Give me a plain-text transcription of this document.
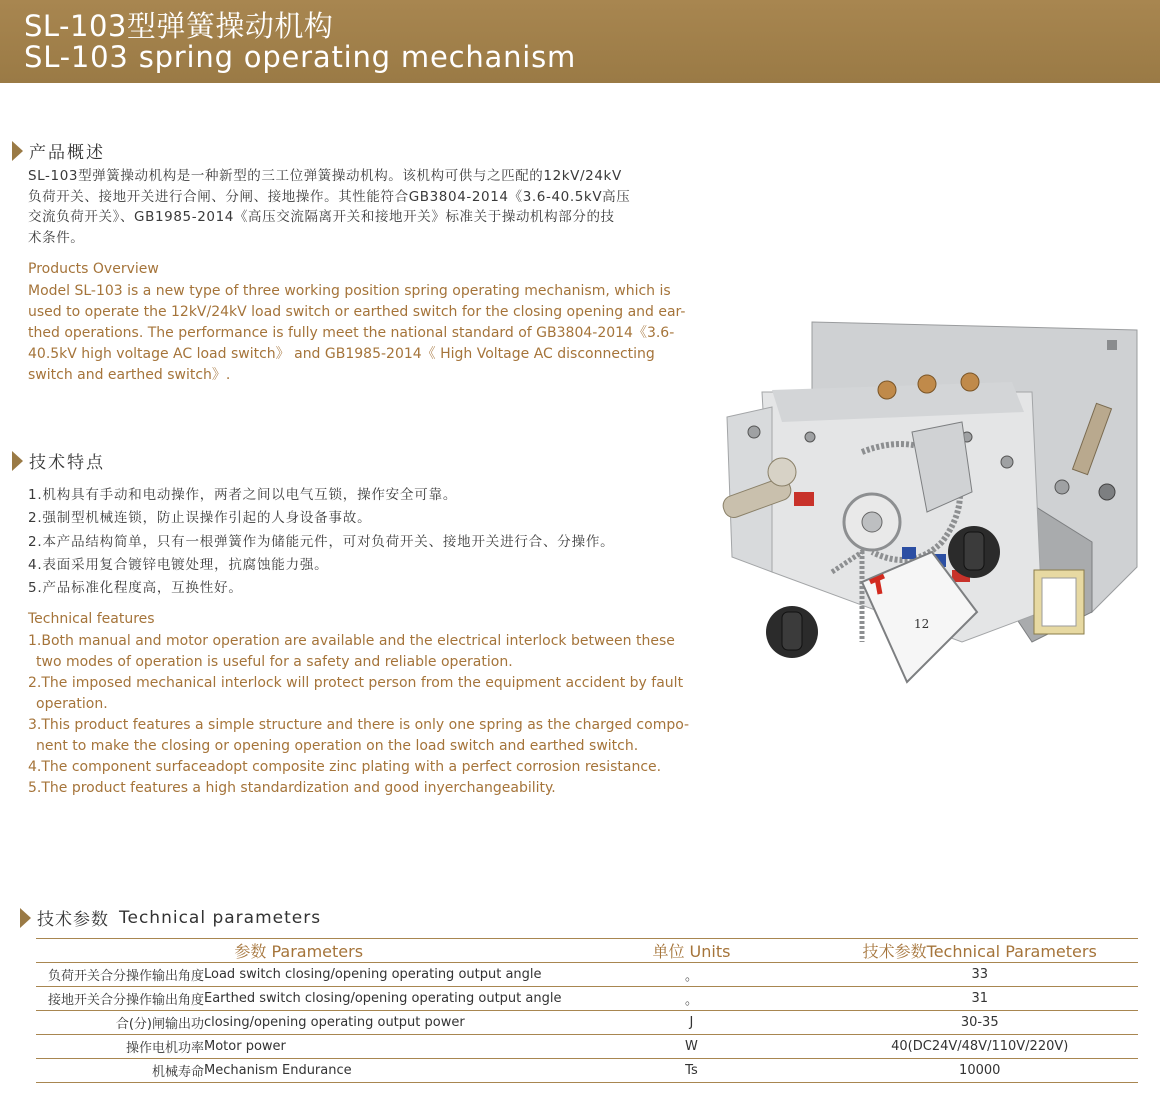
SL-103型弹簧操动机构
SL-103 spring operating mechanism
产品概述
SL-103型弹簧操动机构是一种新型的三工位弹簧操动机构。该机构可供与之匹配的12kV/24kV
负荷开关、接地开关进行合闸、分闸、接地操作。其性能符合GB3804-2014《3.6-40.5kV高压
交流负荷开关》、GB1985-2014《高压交流隔离开关和接地开关》标准关于操动机构部分的技
术条件。
Products Overview
Model SL-103 is a new type of three working position spring operating mechanism, which is
used to operate the 12kV/24kV load switch or earthed switch for the closing opening and ear-
thed operations. The performance is fully meet the national standard of GB3804-2014《3.6-
40.5kV high voltage AC load switch》 and GB1985-2014《 High Voltage AC disconnecting
switch and earthed switch》.
技术特点
1.机构具有手动和电动操作，两者之间以电气互锁，操作安全可靠。
2.强制型机械连锁，防止误操作引起的人身设备事故。
2.本产品结构简单，只有一根弹簧作为储能元件，可对负荷开关、接地开关进行合、分操作。
4.表面采用复合镀锌电镀处理，抗腐蚀能力强。
5.产品标准化程度高，互换性好。
Technical features
1.Both manual and motor operation are available and the electrical interlock between these
two modes of operation is useful for a safety and reliable operation.
2.The imposed mechanical interlock will protect person from the equipment accident by fault
operation.
3.This product features a simple structure and there is only one spring as the charged compo-
nent to make the closing or opening operation on the load switch and earthed switch.
4.The component surfaceadopt composite zinc plating with a perfect corrosion resistance.
5.The product features a high standardization and good inyerchangeability.
12
技术参数 Technical parameters
参数 Parameters		单位 Units	技术参数Technical Parameters
负荷开关合分操作输出角度	Load switch closing/opening operating output angle	。	33
接地开关合分操作输出角度	Earthed switch closing/opening operating output angle	。	31
合(分)闸输出功	closing/opening operating output power	J	30-35
操作电机功率	Motor power	W	40(DC24V/48V/110V/220V)
机械寿命	Mechanism Endurance	Ts	10000
